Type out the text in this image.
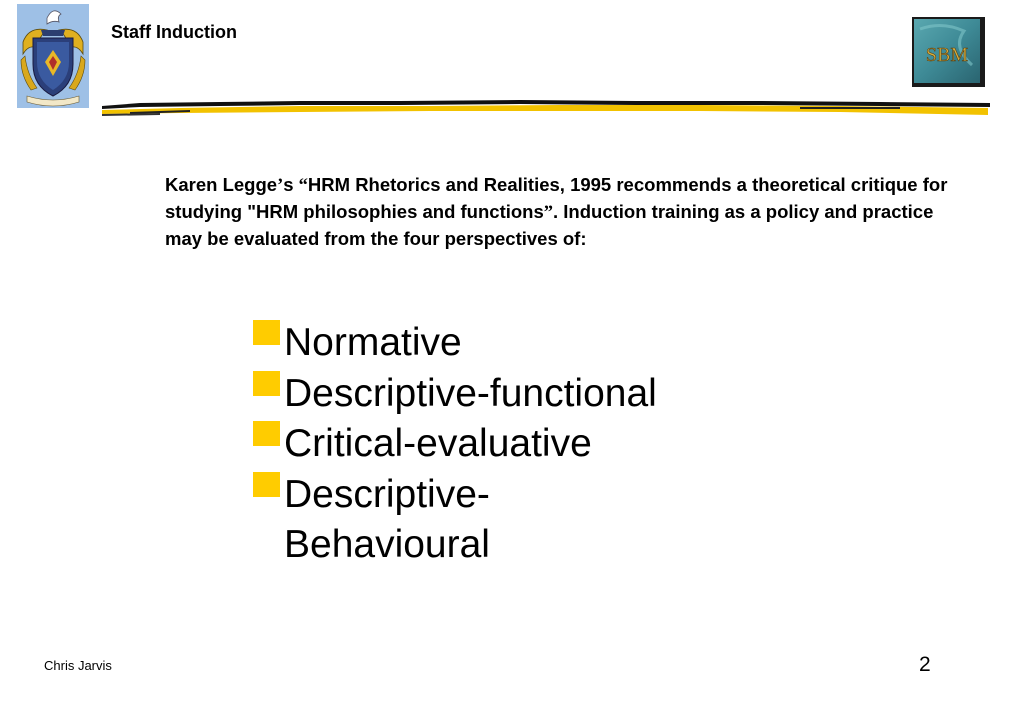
Staff Induction
SBM
Karen Legge’s “HRM Rhetorics and Realities, 1995 recommends a theoretical critique for studying "HRM philosophies and functions”. Induction training as a policy and practice may be evaluated from the four perspectives of:
Normative
Descriptive-functional
Critical-evaluative
Descriptive-Behavioural
Chris Jarvis	2
